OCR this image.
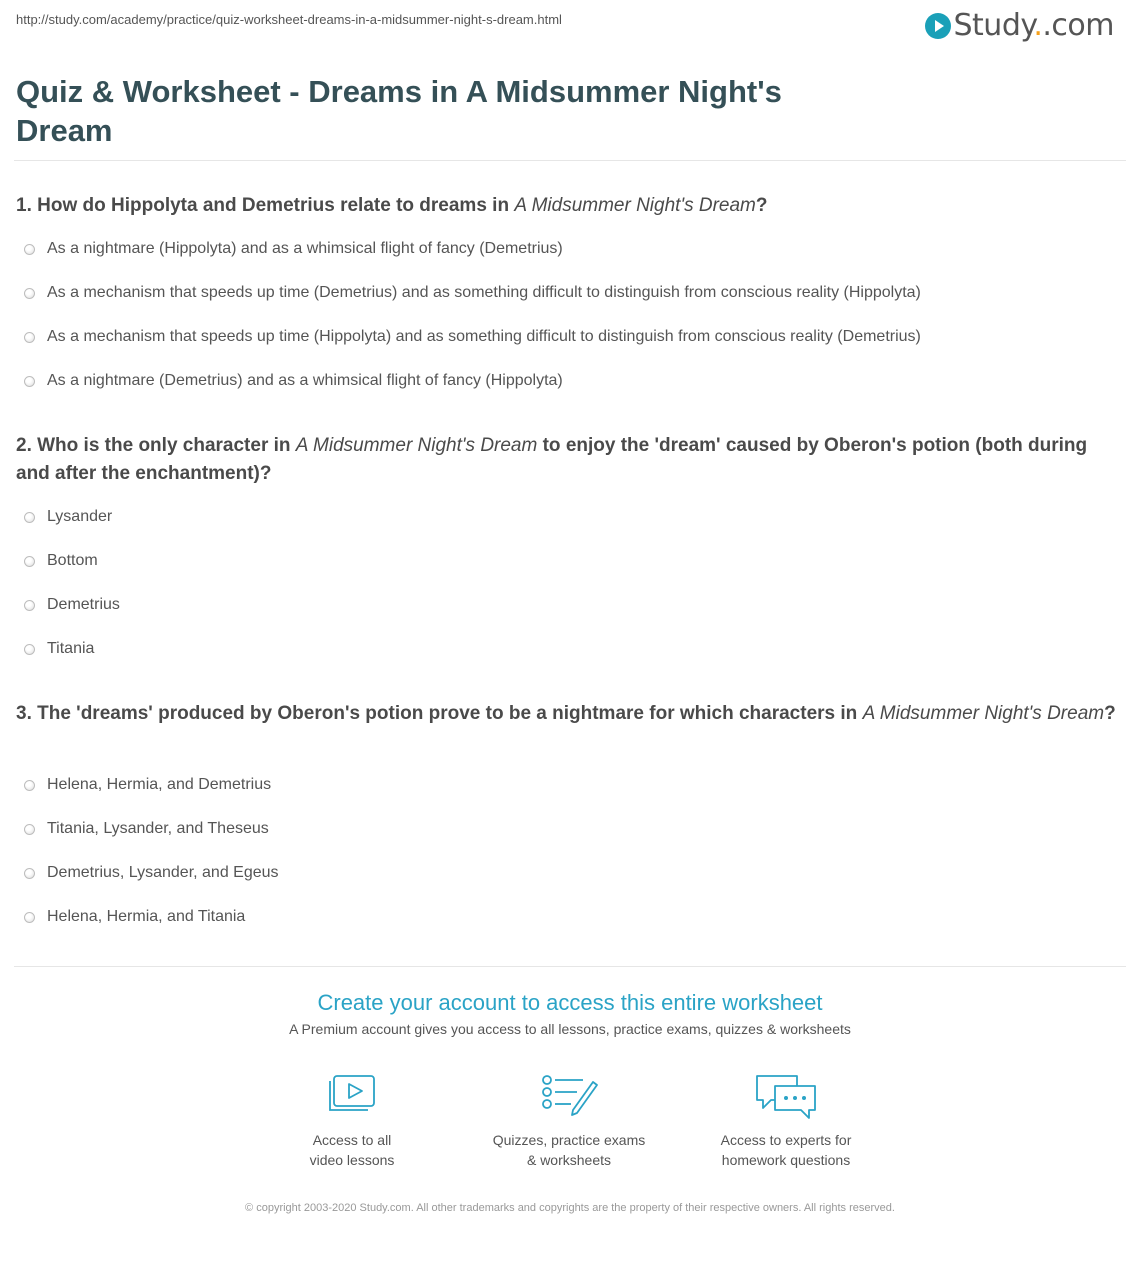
http://study.com/academy/practice/quiz-worksheet-dreams-in-a-midsummer-night-s-dream.html	Study..com
Quiz & Worksheet - Dreams in A Midsummer Night's Dream
1. How do Hippolyta and Demetrius relate to dreams in A Midsummer Night's Dream?
As a nightmare (Hippolyta) and as a whimsical flight of fancy (Demetrius)
As a mechanism that speeds up time (Demetrius) and as something difficult to distinguish from conscious reality (Hippolyta)
As a mechanism that speeds up time (Hippolyta) and as something difficult to distinguish from conscious reality (Demetrius)
As a nightmare (Demetrius) and as a whimsical flight of fancy (Hippolyta)
2. Who is the only character in A Midsummer Night's Dream to enjoy the 'dream' caused by Oberon's potion (both during and after the enchantment)?
Lysander
Bottom
Demetrius
Titania
3. The 'dreams' produced by Oberon's potion prove to be a nightmare for which characters in A Midsummer Night's Dream?
Helena, Hermia, and Demetrius
Titania, Lysander, and Theseus
Demetrius, Lysander, and Egeus
Helena, Hermia, and Titania
Create your account to access this entire worksheet
A Premium account gives you access to all lessons, practice exams, quizzes & worksheets
Access to all
video lessons
Quizzes, practice exams
& worksheets
Access to experts for
homework questions
© copyright 2003-2020 Study.com. All other trademarks and copyrights are the property of their respective owners. All rights reserved.
